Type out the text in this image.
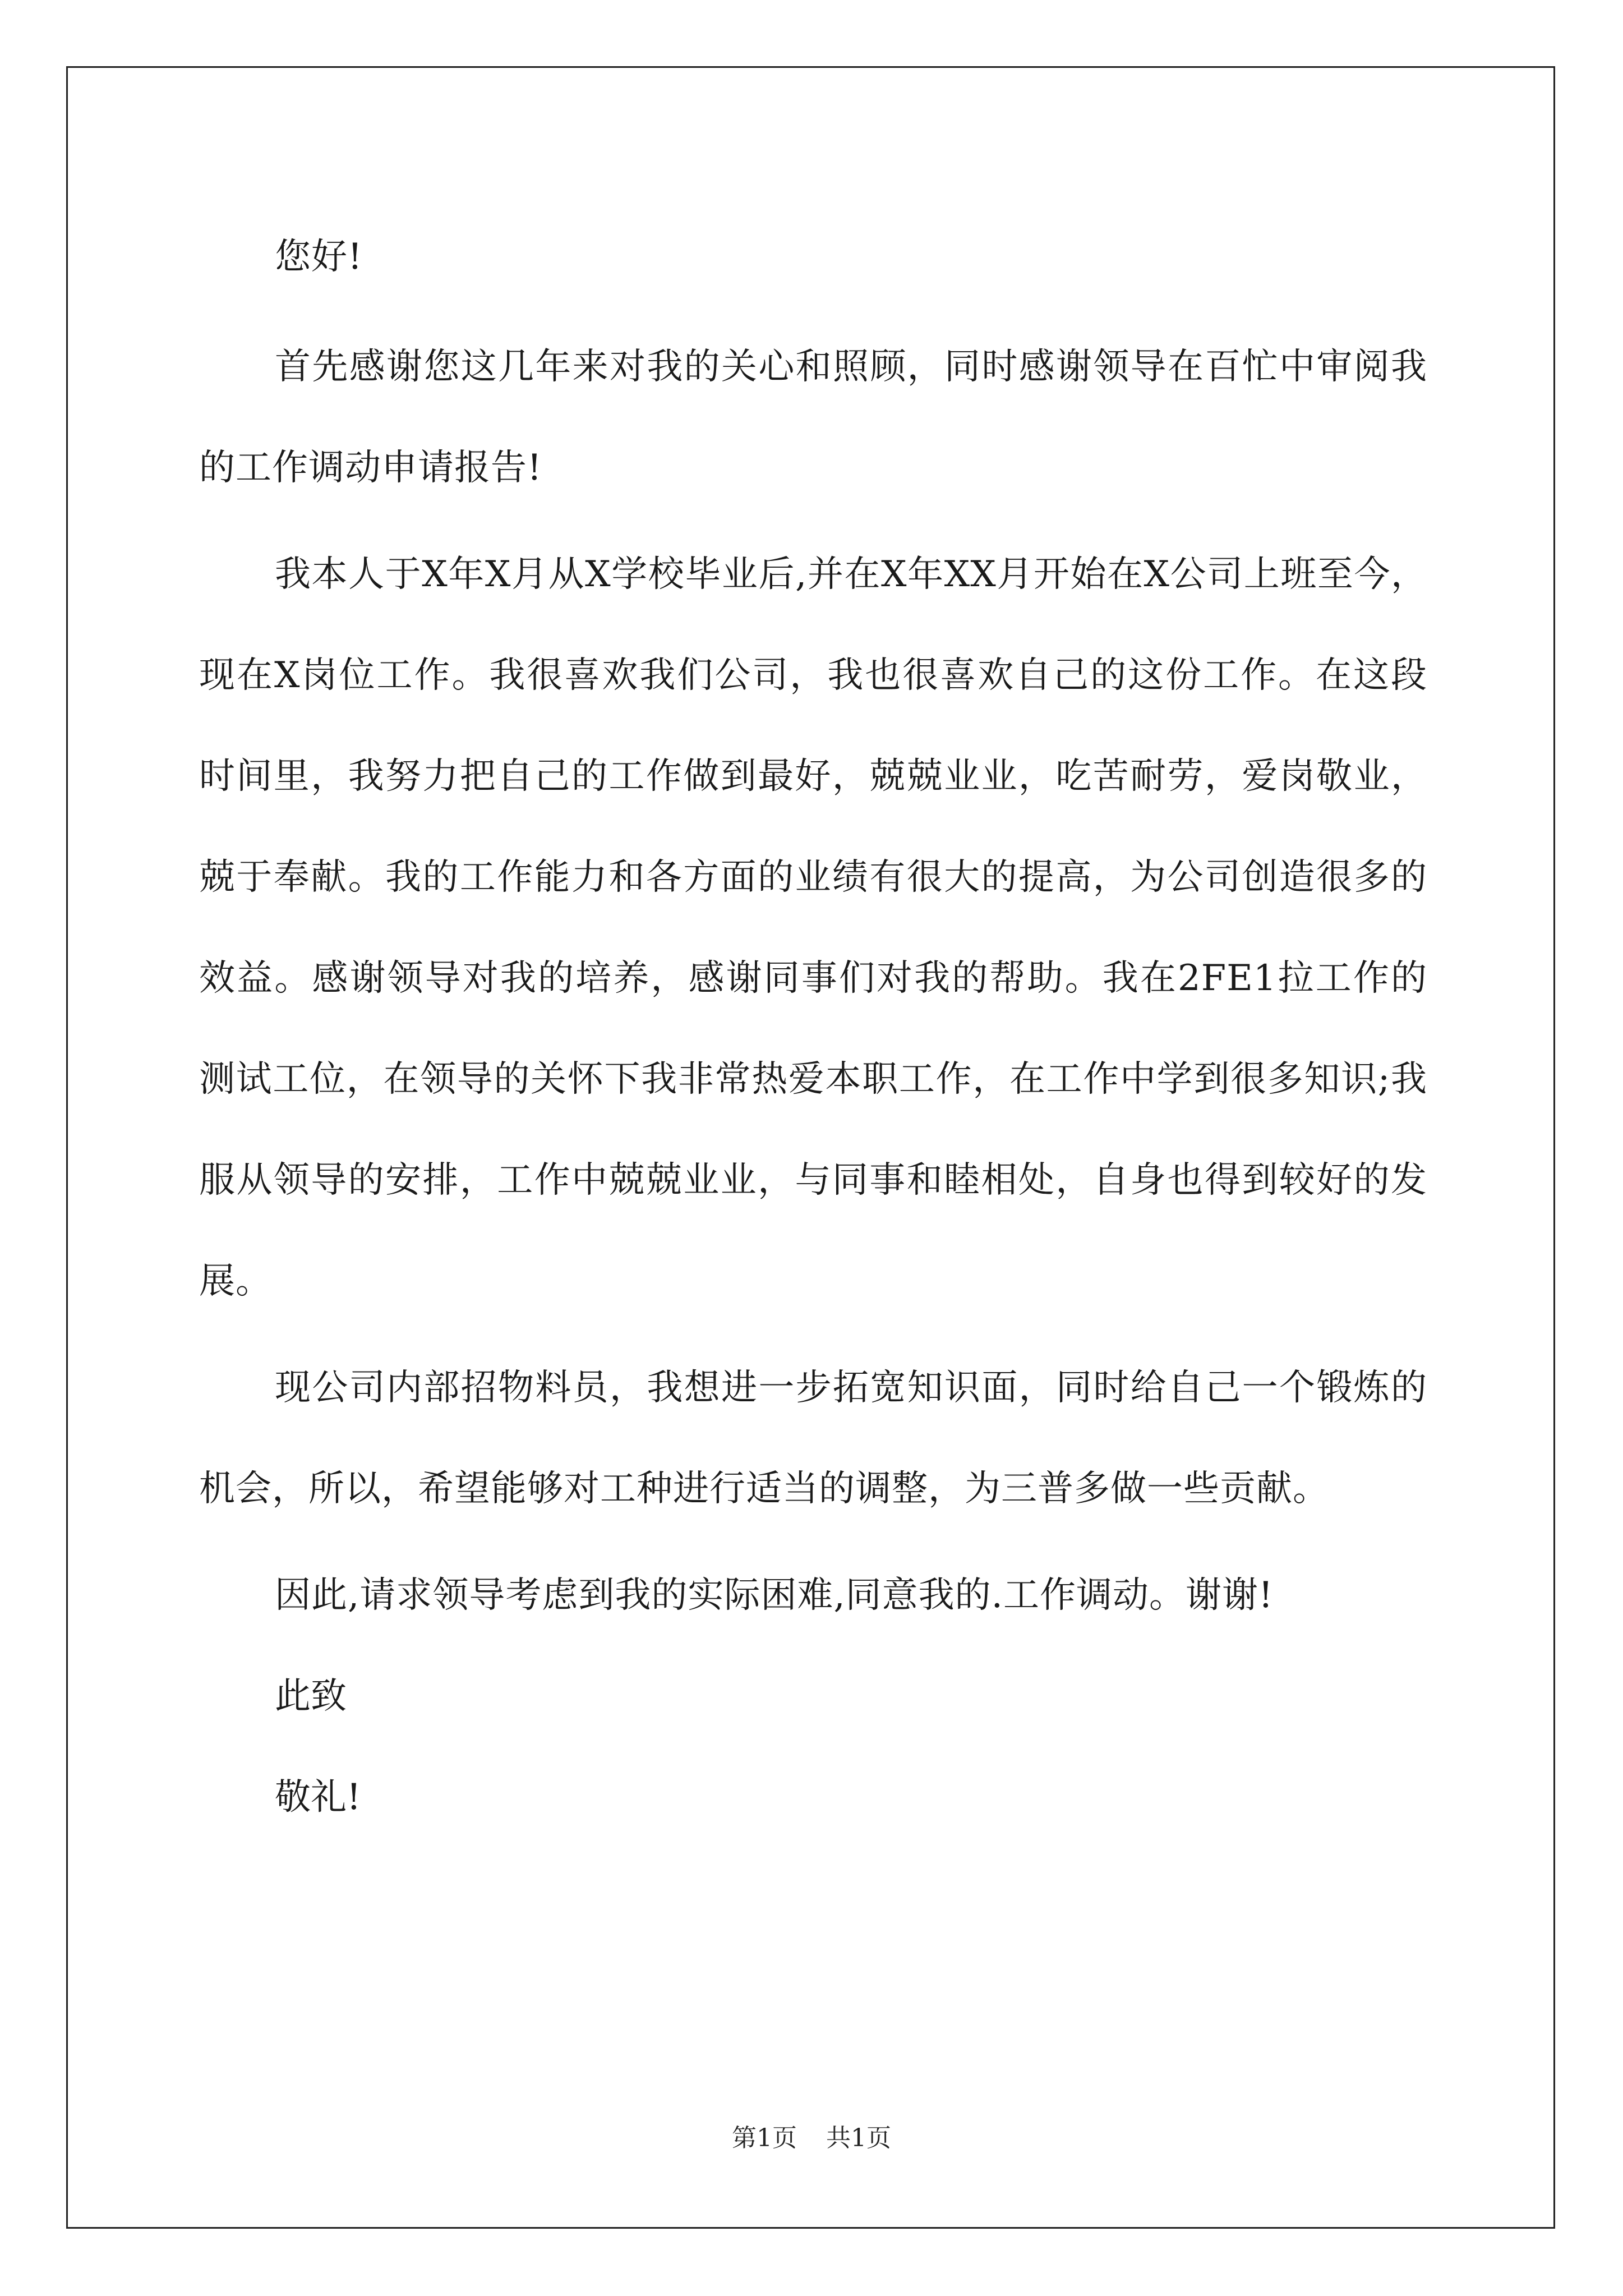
您好!

首先感谢您这几年来对我的关心和照顾，同时感谢领导在百忙中审阅我的工作调动申请报告!

我本人于X年X月从X学校毕业后,并在X年XX月开始在X公司上班至今，现在X岗位工作。我很喜欢我们公司，我也很喜欢自己的这份工作。在这段时间里，我努力把自己的工作做到最好，兢兢业业，吃苦耐劳，爱岗敬业，兢于奉献。我的工作能力和各方面的业绩有很大的提高，为公司创造很多的效益。感谢领导对我的培养，感谢同事们对我的帮助。我在2FE1拉工作的测试工位，在领导的关怀下我非常热爱本职工作，在工作中学到很多知识;我服从领导的安排，工作中兢兢业业，与同事和睦相处，自身也得到较好的发展。

现公司内部招物料员，我想进一步拓宽知识面，同时给自己一个锻炼的机会，所以，希望能够对工种进行适当的调整，为三普多做一些贡献。

因此,请求领导考虑到我的实际困难,同意我的.工作调动。谢谢!

此致

敬礼!

第1页 共1页
